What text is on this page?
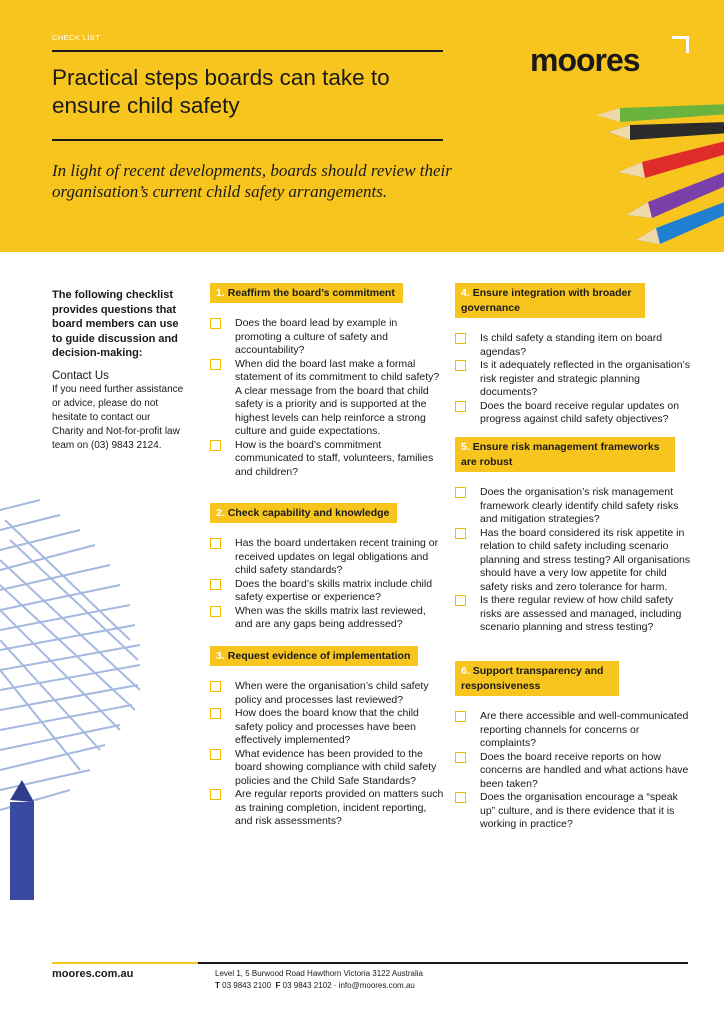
CHECK LIST
Practical steps boards can take to ensure child safety
In light of recent developments, boards should review their organisation’s current child safety arrangements.
moores
The following checklist provides questions that board members can use to guide discussion and decision-making:
Contact Us
If you need further assistance or advice, please do not hesitate to contact our Charity and Not-for-profit law team on (03) 9843 2124.
1. Reaffirm the board’s commitment
Does the board lead by example in promoting a culture of safety and accountability?
When did the board last make a formal statement of its commitment to child safety? A clear message from the board that child safety is a priority and is supported at the highest levels can help reinforce a strong culture and guide expectations.
How is the board’s commitment communicated to staff, volunteers, families and children?
2. Check capability and knowledge
Has the board undertaken recent training or received updates on legal obligations and child safety standards?
Does the board’s skills matrix include child safety expertise or experience?
When was the skills matrix last reviewed, and are any gaps being addressed?
3. Request evidence of implementation
When were the organisation’s child safety policy and processes last reviewed?
How does the board know that the child safety policy and processes have been effectively implemented?
What evidence has been provided to the board showing compliance with child safety policies and the Child Safe Standards?
Are regular reports provided on matters such as training completion, incident reporting, and risk assessments?
4. Ensure integration with broader governance
Is child safety a standing item on board agendas?
Is it adequately reflected in the organisation’s risk register and strategic planning documents?
Does the board receive regular updates on progress against child safety objectives?
5. Ensure risk management frameworks are robust
Does the organisation’s risk management framework clearly identify child safety risks and mitigation strategies?
Has the board considered its risk appetite in relation to child safety including scenario planning and stress testing? All organisations should have a very low appetite for child safety risks and zero tolerance for harm.
Is there regular review of how child safety risks are assessed and managed, including scenario planning and stress testing?
6. Support transparency and responsiveness
Are there accessible and well-communicated reporting channels for concerns or complaints?
Does the board receive reports on how concerns are handled and what actions have been taken?
Does the organisation encourage a “speak up” culture, and is there evidence that it is working in practice?
moores.com.au	Level 1, 5 Burwood Road Hawthorn Victoria 3122 Australia
T 03 9843 2100 F 03 9843 2102 · info@moores.com.au
